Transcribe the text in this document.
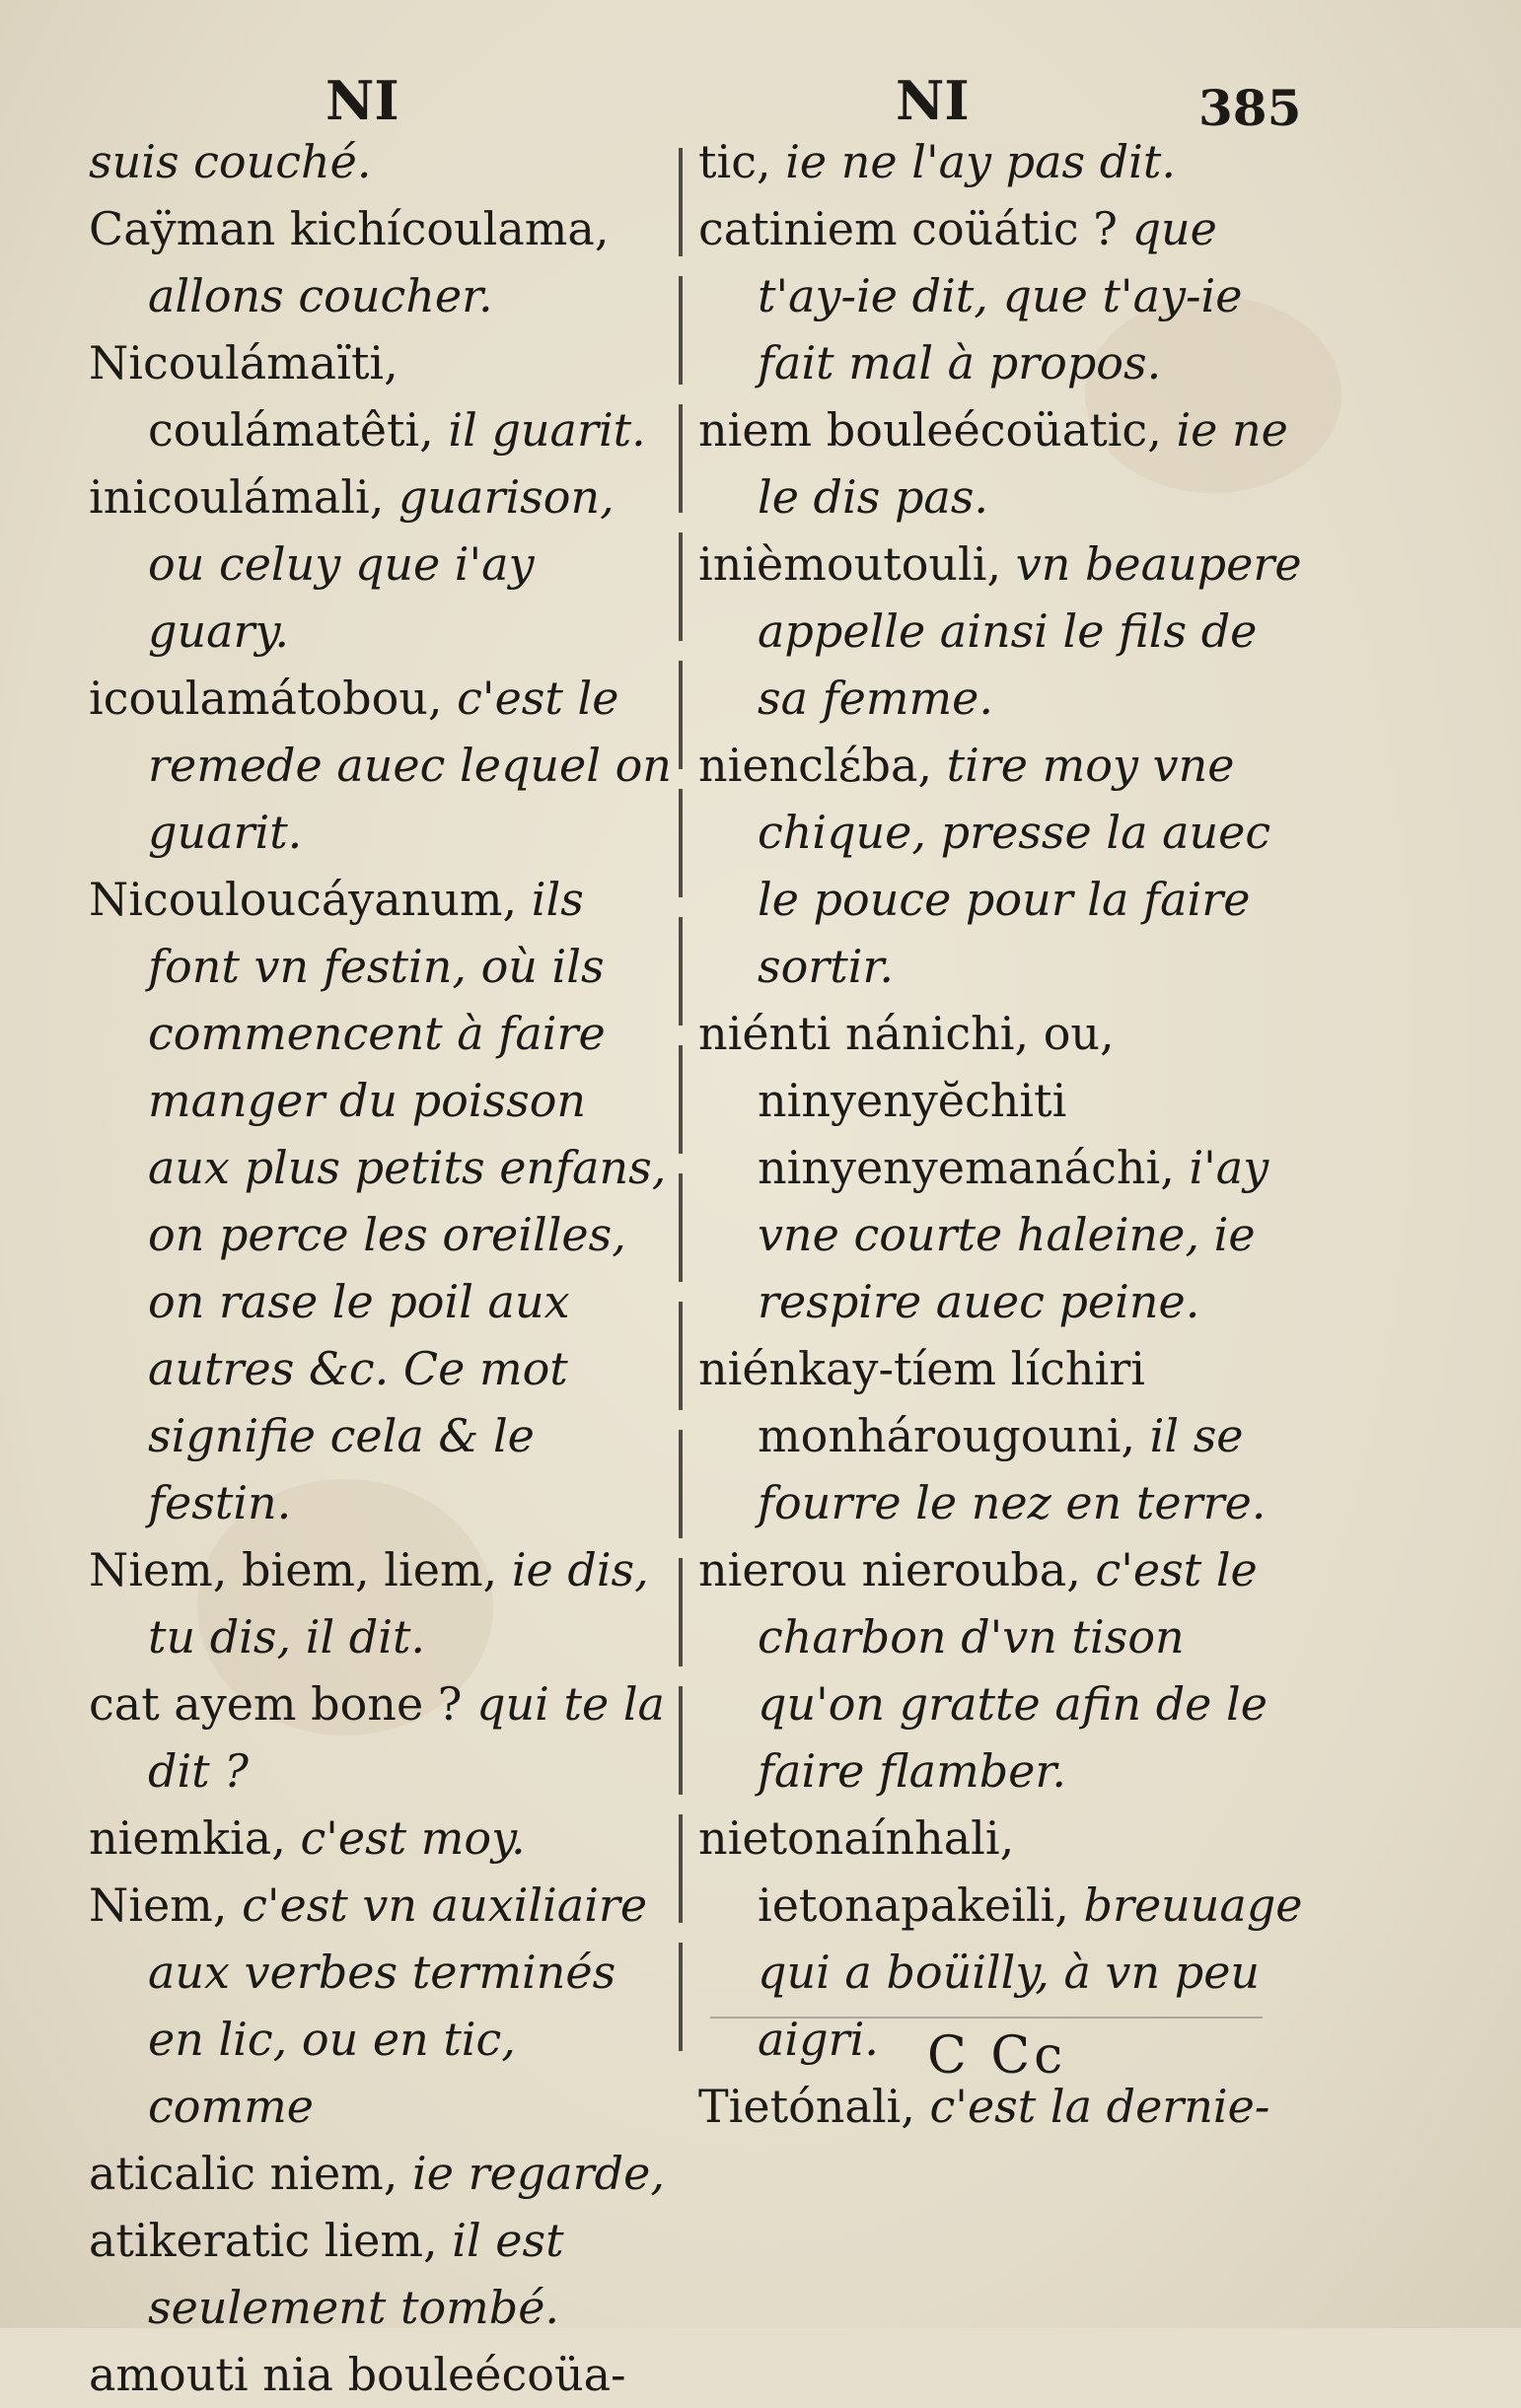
NI	NI	385
suis couché.
Caÿman kichícoulama, allons coucher.
Nicoulámaïti, coulámatêti, il guarit.
inicoulámali, guarison, ou celuy que i'ay guary.
icoulamátobou, c'est le remede auec lequel on guarit.
Nicouloucáyanum, ils font vn festin, où ils commencent à faire manger du poisson aux plus petits enfans, on perce les oreilles, on rase le poil aux autres &c. Ce mot signifie cela & le festin.
Niem, biem, liem, ie dis, tu dis, il dit.
cat ayem bone ? qui te la dit ?
niemkia, c'est moy.
Niem, c'est vn auxiliaire aux verbes terminés en lic, ou en tic, comme
aticalic niem, ie regarde,
atikeratic liem, il est seulement tombé.
amouti nia bouleécoüa-
tic, ie ne l'ay pas dit.
catiniem coüátic ? que t'ay-ie dit, que t'ay-ie fait mal à propos.
niem bouleécoüatic, ie ne le dis pas.
inièmoutouli, vn beaupere appelle ainsi le fils de sa femme.
nienclέba, tire moy vne chique, presse la auec le pouce pour la faire sortir.
niénti nánichi, ou, ninyenyĕchiti ninyenyemanáchi, i'ay vne courte haleine, ie respire auec peine.
niénkay-tíem líchiri monhárougouni, il se fourre le nez en terre.
nierou nierouba, c'est le charbon d'vn tison qu'on gratte afin de le faire flamber.
nietonaínhali, ietonapakeili, breuuage qui a boüilly, à vn peu aigri.
Tietónali, c'est la dernie-
C Cc
